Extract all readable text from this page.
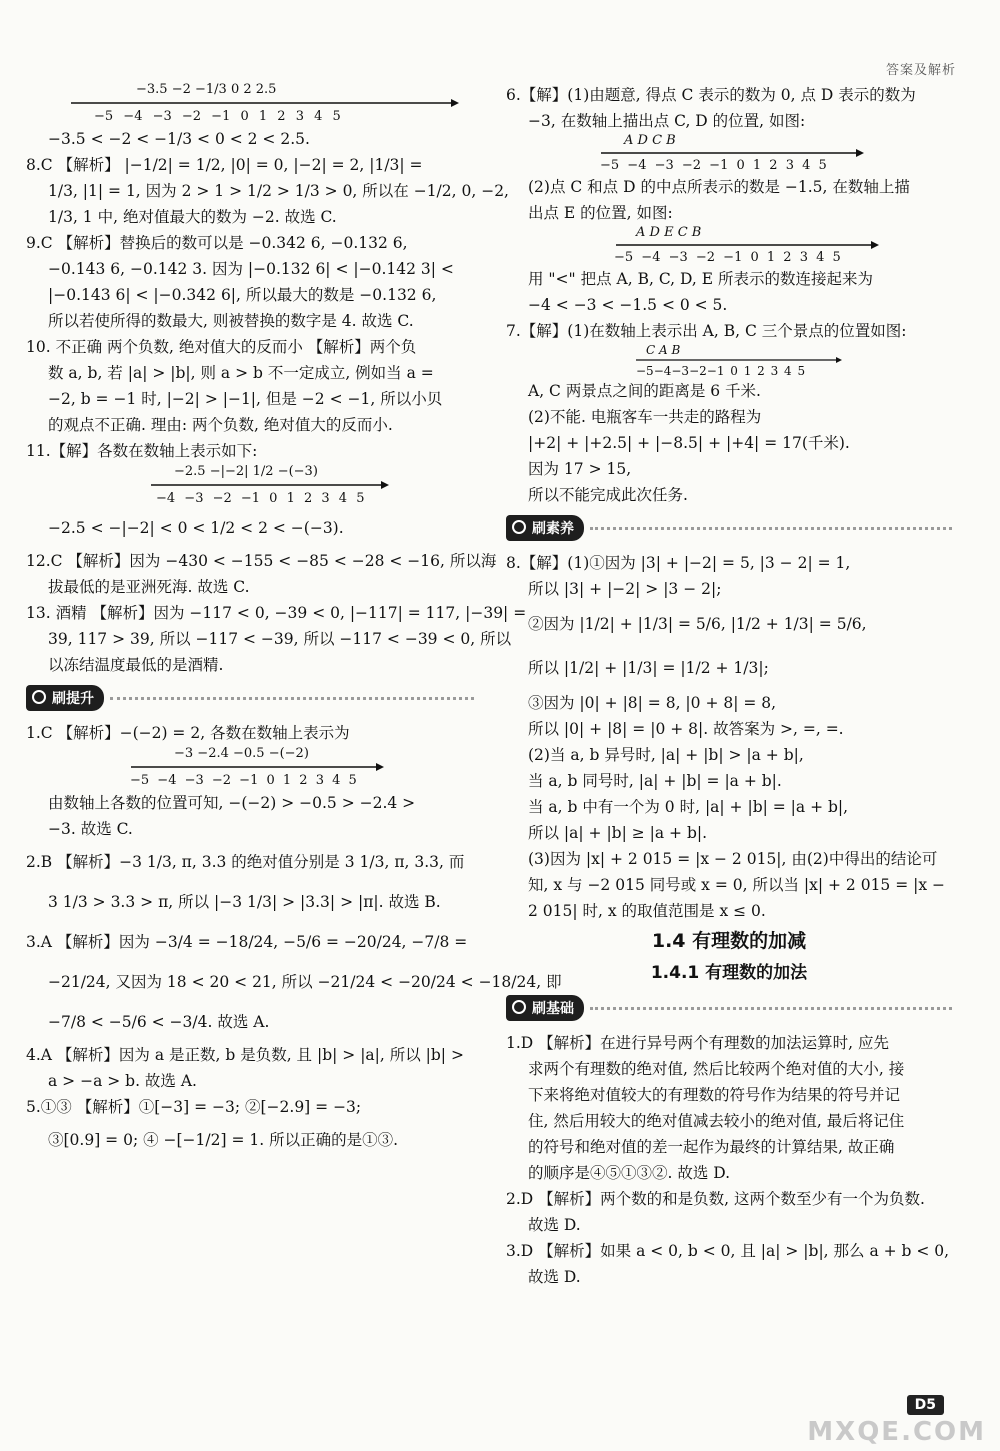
答案及解析
−3.5 −2 −1/3 0 2 2.5
−5 −4 −3 −2 −1 0 1 2 3 4 5
−3.5 < −2 < −1/3 < 0 < 2 < 2.5.
8.C 【解析】 |−1/2| = 1/2, |0| = 0, |−2| = 2, |1/3| =
1/3, |1| = 1, 因为 2 > 1 > 1/2 > 1/3 > 0, 所以在 −1/2, 0, −2,
1/3, 1 中, 绝对值最大的数为 −2. 故选 C.
9.C 【解析】替换后的数可以是 −0.342 6, −0.132 6,
−0.143 6, −0.142 3. 因为 |−0.132 6| < |−0.142 3| <
|−0.143 6| < |−0.342 6|, 所以最大的数是 −0.132 6,
所以若使所得的数最大, 则被替换的数字是 4. 故选 C.
10. 不正确 两个负数, 绝对值大的反而小 【解析】两个负
数 a, b, 若 |a| > |b|, 则 a > b 不一定成立, 例如当 a =
−2, b = −1 时, |−2| > |−1|, 但是 −2 < −1, 所以小贝
的观点不正确. 理由: 两个负数, 绝对值大的反而小.
11.【解】各数在数轴上表示如下:
−2.5 −|−2| 1/2 −(−3)
−4 −3 −2 −1 0 1 2 3 4 5
−2.5 < −|−2| < 0 < 1/2 < 2 < −(−3).
12.C 【解析】因为 −430 < −155 < −85 < −28 < −16, 所以海
拔最低的是亚洲死海. 故选 C.
13. 酒精 【解析】因为 −117 < 0, −39 < 0, |−117| = 117, |−39| =
39, 117 > 39, 所以 −117 < −39, 所以 −117 < −39 < 0, 所以
以冻结温度最低的是酒精.
刷提升
1.C 【解析】−(−2) = 2, 各数在数轴上表示为
−3 −2.4 −0.5 −(−2)
−5 −4 −3 −2 −1 0 1 2 3 4 5
由数轴上各数的位置可知, −(−2) > −0.5 > −2.4 >
−3. 故选 C.
2.B 【解析】−3 1/3, π, 3.3 的绝对值分别是 3 1/3, π, 3.3, 而
3 1/3 > 3.3 > π, 所以 |−3 1/3| > |3.3| > |π|. 故选 B.
3.A 【解析】因为 −3/4 = −18/24, −5/6 = −20/24, −7/8 =
−21/24, 又因为 18 < 20 < 21, 所以 −21/24 < −20/24 < −18/24, 即
−7/8 < −5/6 < −3/4. 故选 A.
4.A 【解析】因为 a 是正数, b 是负数, 且 |b| > |a|, 所以 |b| >
a > −a > b. 故选 A.
5.①③ 【解析】①[−3] = −3; ②[−2.9] = −3;
③[0.9] = 0; ④ −[−1/2] = 1. 所以正确的是①③.
6.【解】(1)由题意, 得点 C 表示的数为 0, 点 D 表示的数为
−3, 在数轴上描出点 C, D 的位置, 如图:
A D C B
−5 −4 −3 −2 −1 0 1 2 3 4 5
(2)点 C 和点 D 的中点所表示的数是 −1.5, 在数轴上描
出点 E 的位置, 如图:
A D E C B
−5 −4 −3 −2 −1 0 1 2 3 4 5
用 "<" 把点 A, B, C, D, E 所表示的数连接起来为
−4 < −3 < −1.5 < 0 < 5.
7.【解】(1)在数轴上表示出 A, B, C 三个景点的位置如图:
C A B
−5−4−3−2−1 0 1 2 3 4 5
A, C 两景点之间的距离是 6 千米.
(2)不能. 电瓶客车一共走的路程为
|+2| + |+2.5| + |−8.5| + |+4| = 17(千米).
因为 17 > 15,
所以不能完成此次任务.
刷素养
8.【解】(1)①因为 |3| + |−2| = 5, |3 − 2| = 1,
所以 |3| + |−2| > |3 − 2|;
②因为 |1/2| + |1/3| = 5/6, |1/2 + 1/3| = 5/6,
所以 |1/2| + |1/3| = |1/2 + 1/3|;
③因为 |0| + |8| = 8, |0 + 8| = 8,
所以 |0| + |8| = |0 + 8|. 故答案为 >, =, =.
(2)当 a, b 异号时, |a| + |b| > |a + b|,
当 a, b 同号时, |a| + |b| = |a + b|.
当 a, b 中有一个为 0 时, |a| + |b| = |a + b|,
所以 |a| + |b| ≥ |a + b|.
(3)因为 |x| + 2 015 = |x − 2 015|, 由(2)中得出的结论可
知, x 与 −2 015 同号或 x = 0, 所以当 |x| + 2 015 = |x −
2 015| 时, x 的取值范围是 x ≤ 0.
1.4 有理数的加减
1.4.1 有理数的加法
刷基础
1.D 【解析】在进行异号两个有理数的加法运算时, 应先
求两个有理数的绝对值, 然后比较两个绝对值的大小, 接
下来将绝对值较大的有理数的符号作为结果的符号并记
住, 然后用较大的绝对值减去较小的绝对值, 最后将记住
的符号和绝对值的差一起作为最终的计算结果, 故正确
的顺序是④⑤①③②. 故选 D.
2.D 【解析】两个数的和是负数, 这两个数至少有一个为负数.
故选 D.
3.D 【解析】如果 a < 0, b < 0, 且 |a| > |b|, 那么 a + b < 0,
故选 D.
D5
MXQE.COM
